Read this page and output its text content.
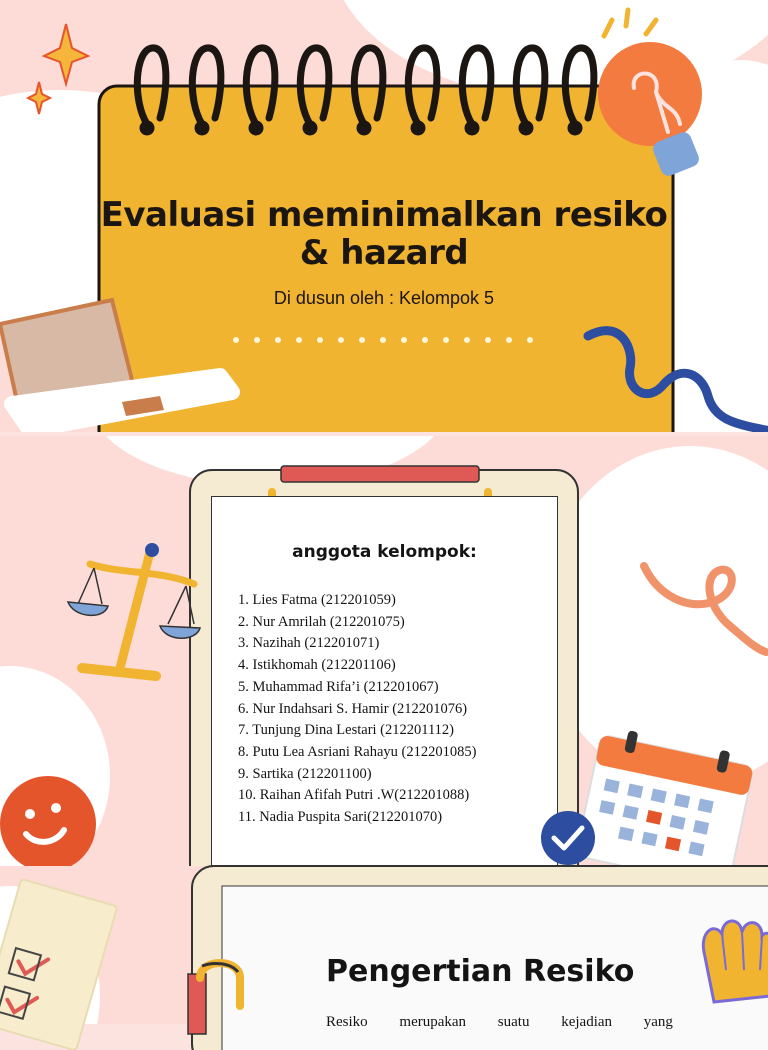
Evaluasi meminimalkan resiko & hazard

Di dusun oleh : Kelompok 5

anggota kelompok:
1. Lies Fatma (212201059)
2. Nur Amrilah (212201075)
3. Nazihah (212201071)
4. Istikhomah (212201106)
5. Muhammad Rifa’i (212201067)
6. Nur Indahsari S. Hamir (212201076)
7. Tunjung Dina Lestari (212201112)
8. Putu Lea Asriani Rahayu (212201085)
9. Sartika (212201100)
10. Raihan Afifah Putri .W(212201088)
11. Nadia Puspita Sari(212201070)
Pengertian Resiko

Resiko merupakan suatu kejadian yang
